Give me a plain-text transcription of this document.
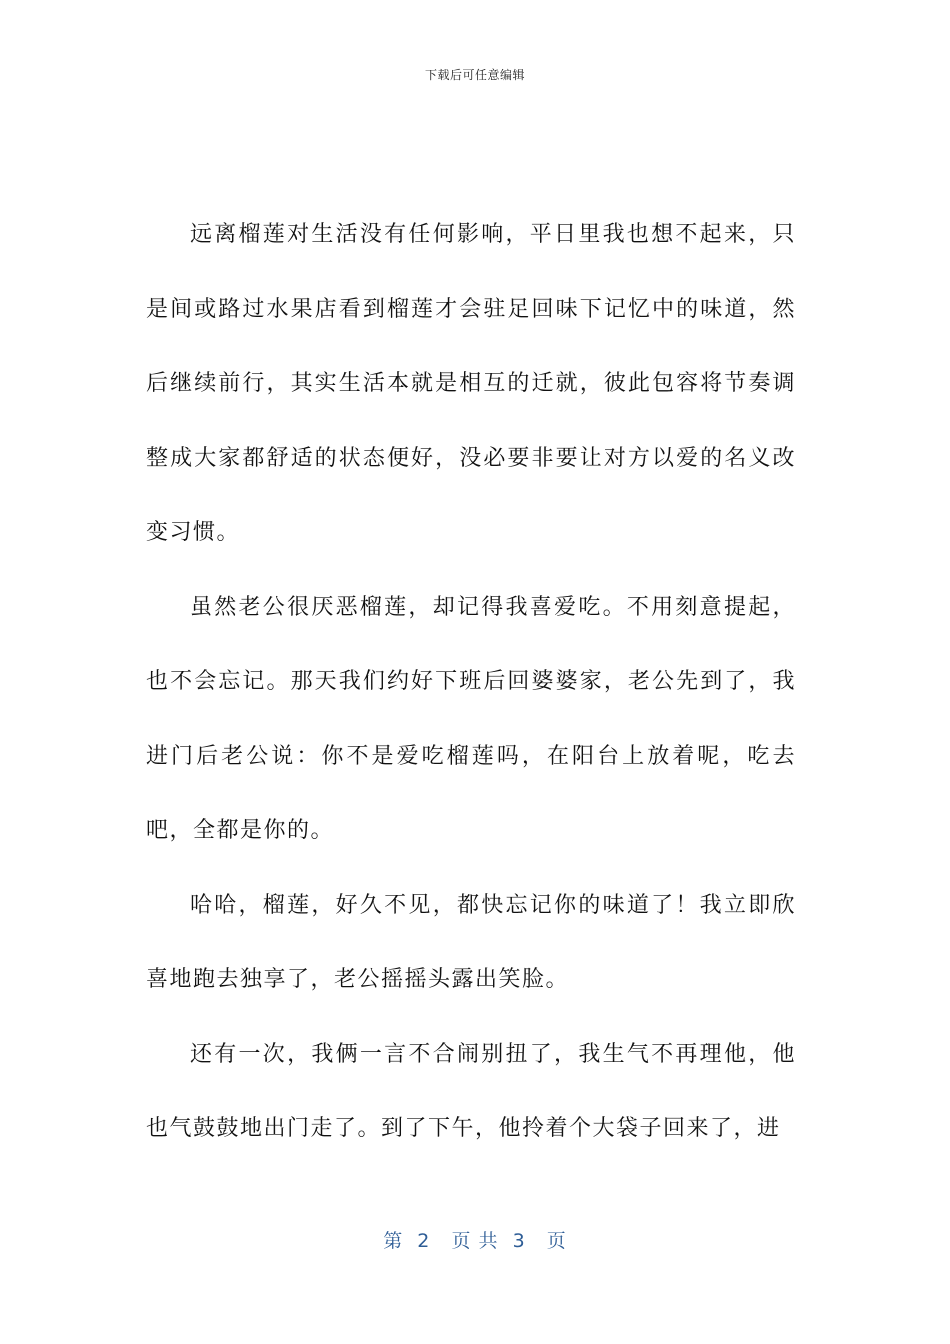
下载后可任意编辑

远离榴莲对生活没有任何影响，平日里我也想不起来，只是间或路过水果店看到榴莲才会驻足回味下记忆中的味道，然后继续前行，其实生活本就是相互的迁就，彼此包容将节奏调整成大家都舒适的状态便好，没必要非要让对方以爱的名义改变习惯。

虽然老公很厌恶榴莲，却记得我喜爱吃。不用刻意提起，也不会忘记。那天我们约好下班后回婆婆家，老公先到了，我进门后老公说：你不是爱吃榴莲吗，在阳台上放着呢，吃去吧，全都是你的。

哈哈，榴莲，好久不见，都快忘记你的味道了！我立即欣喜地跑去独享了，老公摇摇头露出笑脸。

还有一次，我俩一言不合闹别扭了，我生气不再理他，他也气鼓鼓地出门走了。到了下午，他拎着个大袋子回来了，进

第  2   页 共  3   页
